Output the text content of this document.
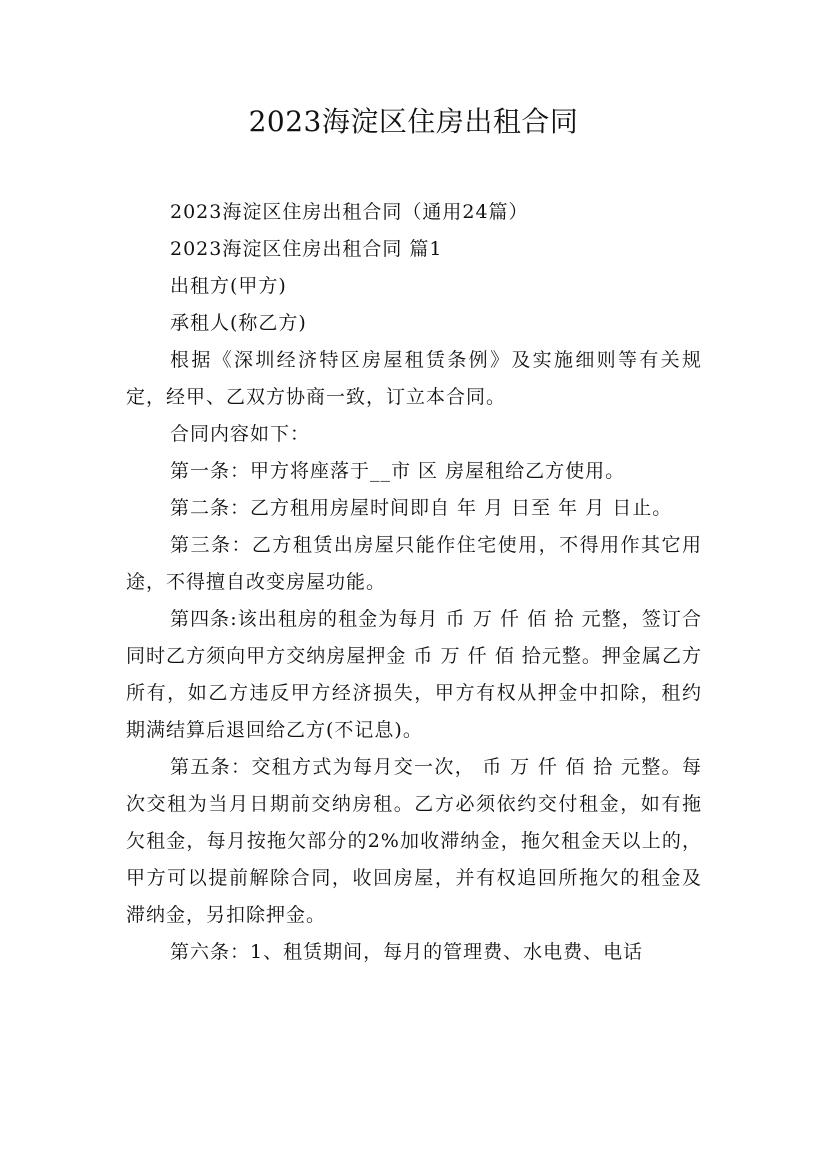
2023海淀区住房出租合同

2023海淀区住房出租合同（通用24篇）

2023海淀区住房出租合同 篇1

出租方(甲方)

承租人(称乙方)

根据《深圳经济特区房屋租赁条例》及实施细则等有关规定，经甲、乙双方协商一致，订立本合同。

合同内容如下：

第一条：甲方将座落于__市 区 房屋租给乙方使用。

第二条：乙方租用房屋时间即自 年 月 日至 年 月 日止。

第三条：乙方租赁出房屋只能作住宅使用，不得用作其它用途，不得擅自改变房屋功能。

第四条:该出租房的租金为每月 币 万 仟 佰 拾 元整，签订合同时乙方须向甲方交纳房屋押金 币 万 仟 佰 拾元整。押金属乙方所有，如乙方违反甲方经济损失，甲方有权从押金中扣除，租约期满结算后退回给乙方(不记息)。

第五条：交租方式为每月交一次， 币 万 仟 佰 拾 元整。每次交租为当月日期前交纳房租。乙方必须依约交付租金，如有拖欠租金，每月按拖欠部分的2%加收滞纳金，拖欠租金天以上的，甲方可以提前解除合同，收回房屋，并有权追回所拖欠的租金及滞纳金，另扣除押金。

第六条：1、租赁期间，每月的管理费、水电费、电话
